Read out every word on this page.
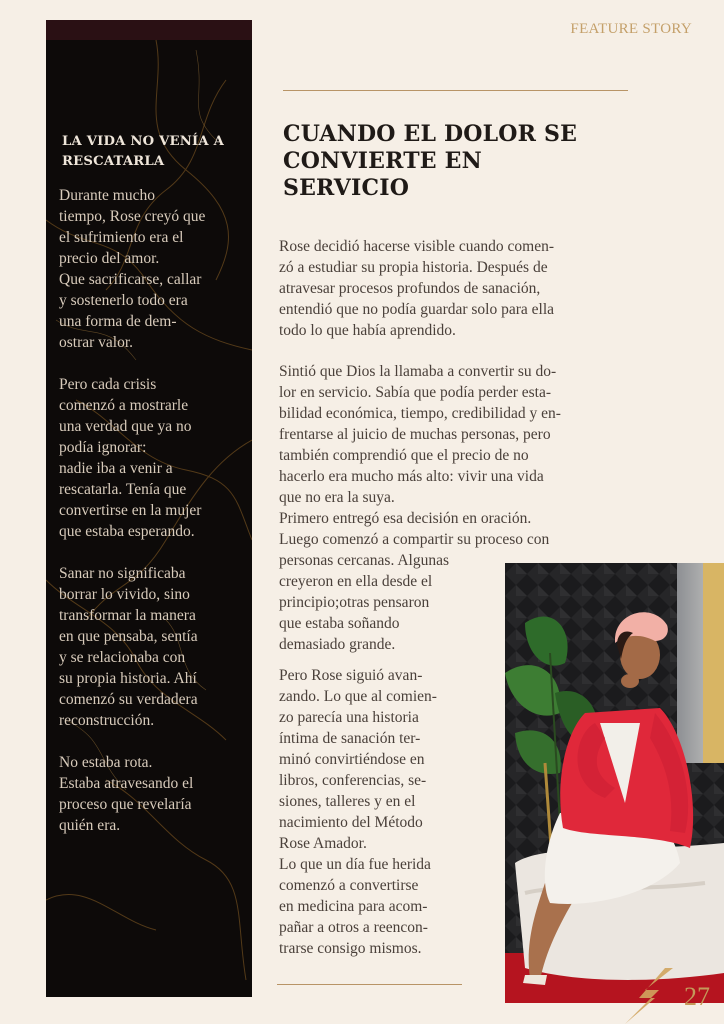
FEATURE STORY
LA VIDA NO VENÍA A RESCATARLA

Durante mucho
tiempo, Rose creyó que
el sufrimiento era el
precio del amor.
Que sacrificarse, callar
y sostenerlo todo era
una forma de dem-
ostrar valor.

Pero cada crisis
comenzó a mostrarle
una verdad que ya no
podía ignorar:
nadie iba a venir a
rescatarla. Tenía que
convertirse en la mujer
que estaba esperando.

Sanar no significaba
borrar lo vivido, sino
transformar la manera
en que pensaba, sentía
y se relacionaba con
su propia historia. Ahí
comenzó su verdadera
reconstrucción.

No estaba rota.
Estaba atravesando el
proceso que revelaría
quién era.

CUANDO EL DOLOR SE CONVIERTE EN SERVICIO
Rose decidió hacerse visible cuando comen-
zó a estudiar su propia historia. Después de
atravesar procesos profundos de sanación,
entendió que no podía guardar solo para ella
todo lo que había aprendido.
Sintió que Dios la llamaba a convertir su do-
lor en servicio. Sabía que podía perder esta-
bilidad económica, tiempo, credibilidad y en-
frentarse al juicio de muchas personas, pero
también comprendió que el precio de no
hacerlo era mucho más alto: vivir una vida
que no era la suya.
Primero entregó esa decisión en oración.
Luego comenzó a compartir su proceso con
personas cercanas. Algunas
creyeron en ella desde el
principio;otras pensaron
que estaba soñando
demasiado grande.
Pero Rose siguió avan-
zando. Lo que al comien-
zo parecía una historia
íntima de sanación ter-
minó convirtiéndose en
libros, conferencias, se-
siones, talleres y en el
nacimiento del Método
Rose Amador.
Lo que un día fue herida
comenzó a convertirse
en medicina para acom-
pañar a otros a reencon-
trarse consigo mismos.
27
